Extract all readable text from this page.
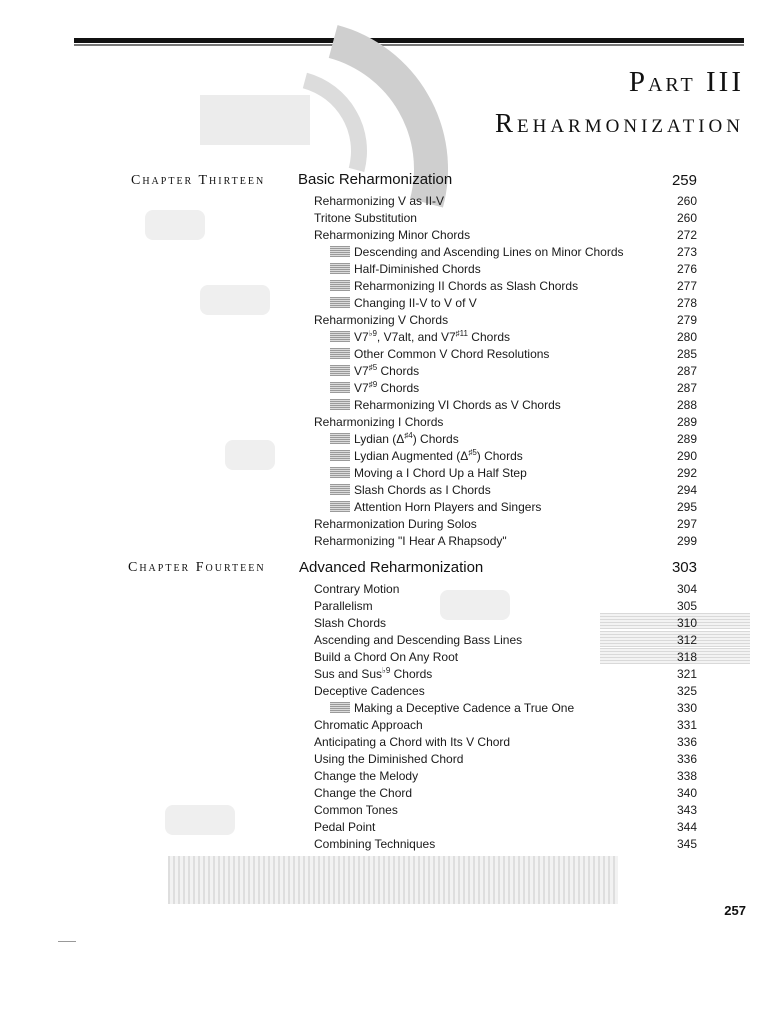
Part III
Reharmonization
Chapter Thirteen Basic Reharmonization	259
Reharmonizing V as II-V	260
Tritone Substitution	260
Reharmonizing Minor Chords	272
Descending and Ascending Lines on Minor Chords	273
Half-Diminished Chords	276
Reharmonizing II Chords as Slash Chords	277
Changing II-V to V of V	278
Reharmonizing V Chords	279
$V7^{♭9}$, V7alt, and $V7^{♯11}$ Chords	280
Other Common V Chord Resolutions	285
$V7^{♯5}$ Chords	287
$V7^{♯9}$ Chords	287
Reharmonizing VI Chords as V Chords	288
Reharmonizing I Chords	289
Lydian $(\Delta^{♯4})$ Chords	289
Lydian Augmented $(\Delta^{♯5})$ Chords	290
Moving a I Chord Up a Half Step	292
Slash Chords as I Chords	294
Attention Horn Players and Singers	295
Reharmonization During Solos	297
Reharmonizing "I Hear A Rhapsody"	299
Chapter Fourteen Advanced Reharmonization	303
Contrary Motion	304
Parallelism	305
Slash Chords	310
Ascending and Descending Bass Lines	312
Build a Chord On Any Root	318
Sus and Sus$^{♭9}$ Chords	321
Deceptive Cadences	325
Making a Deceptive Cadence a True One	330
Chromatic Approach	331
Anticipating a Chord with Its V Chord	336
Using the Diminished Chord	336
Change the Melody	338
Change the Chord	340
Common Tones	343
Pedal Point	344
Combining Techniques	345
257
